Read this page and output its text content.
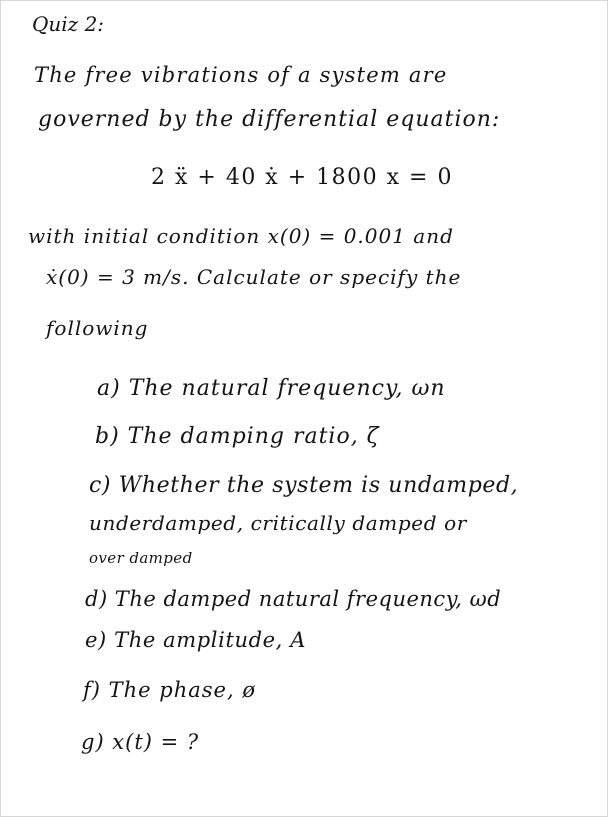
Quiz 2:
The free vibrations of a system are
governed by the differential equation:
2 ẍ + 40 ẋ + 1800 x = 0
with initial condition x(0) = 0.001 and
ẋ(0) = 3 m/s. Calculate or specify the
following
a) The natural frequency, ωn
b) The damping ratio, ζ
c) Whether the system is undamped,
underdamped, critically damped or
over damped
d) The damped natural frequency, ωd
e) The amplitude, A
f) The phase, ø
g) x(t) = ?
